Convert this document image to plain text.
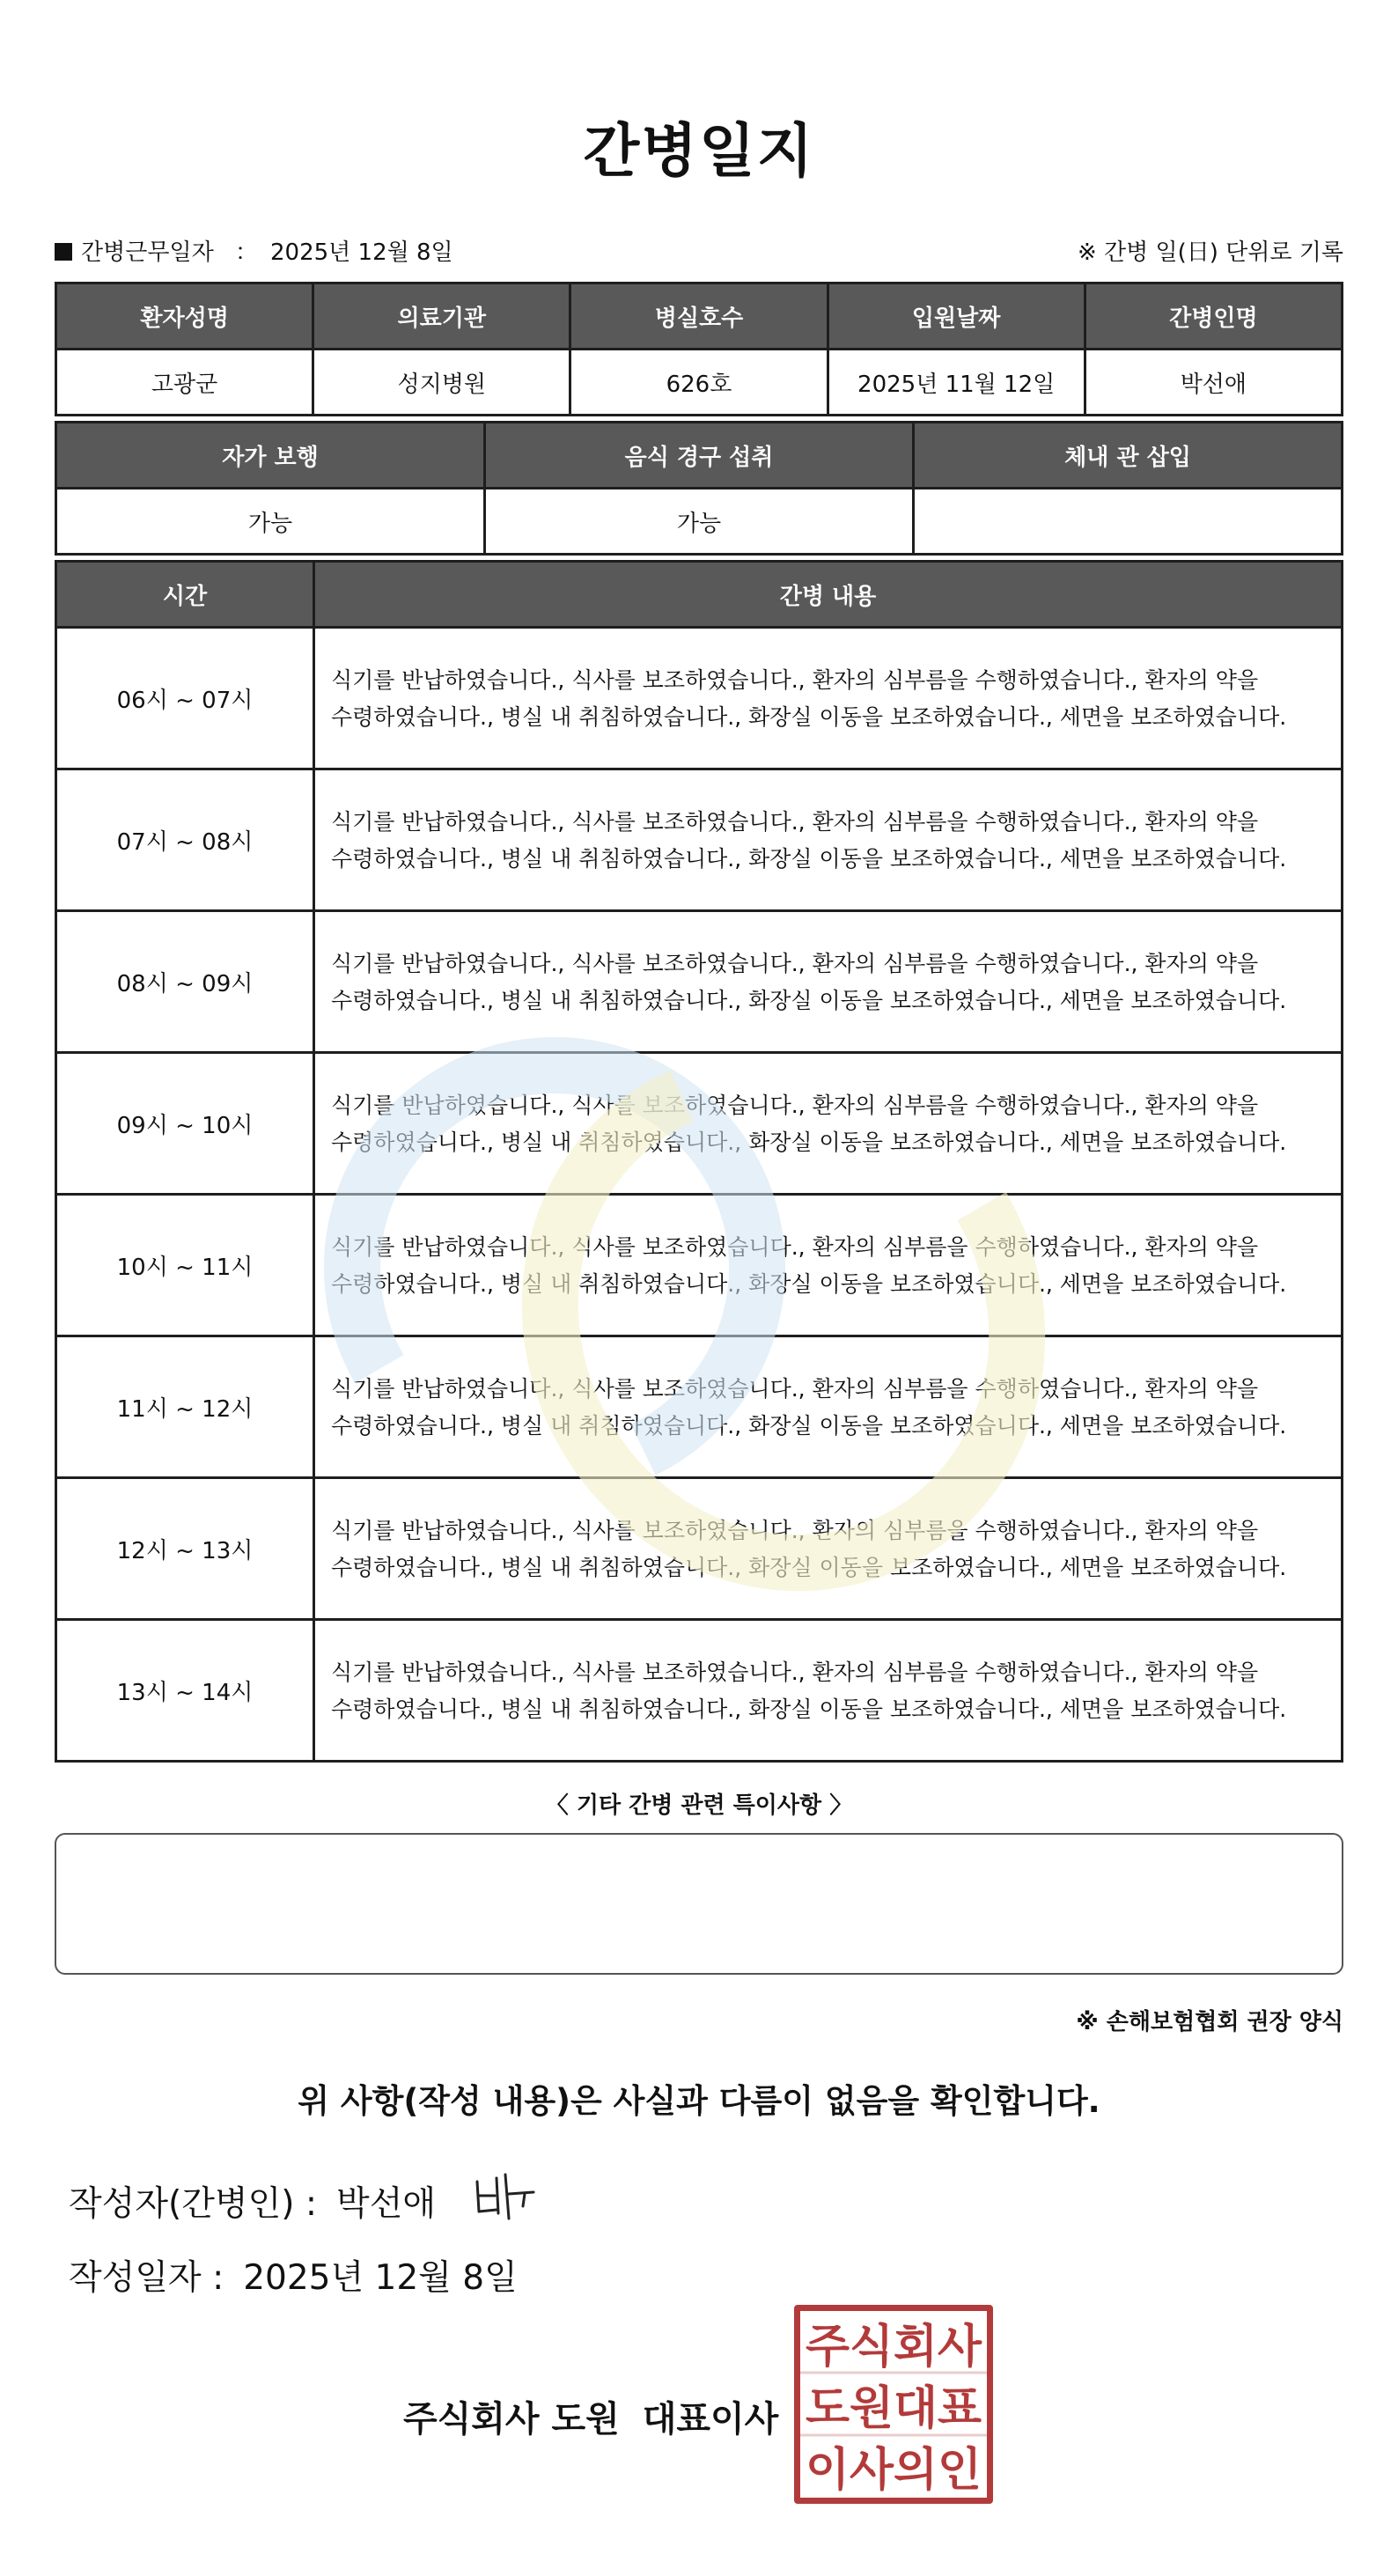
간병일지
간병근무일자 ： 2025년 12월 8일	※ 간병 일(日) 단위로 기록
환자성명	의료기관	병실호수	입원날짜	간병인명
고광군	성지병원	626호	2025년 11월 12일	박선애
자가 보행	음식 경구 섭취	체내 관 삽입
가능	가능	
시간	간병 내용
06시 ~ 07시	식기를 반납하였습니다., 식사를 보조하였습니다., 환자의 심부름을 수행하였습니다., 환자의 약을 수령하였습니다., 병실 내 취침하였습니다., 화장실 이동을 보조하였습니다., 세면을 보조하였습니다.
07시 ~ 08시	식기를 반납하였습니다., 식사를 보조하였습니다., 환자의 심부름을 수행하였습니다., 환자의 약을 수령하였습니다., 병실 내 취침하였습니다., 화장실 이동을 보조하였습니다., 세면을 보조하였습니다.
08시 ~ 09시	식기를 반납하였습니다., 식사를 보조하였습니다., 환자의 심부름을 수행하였습니다., 환자의 약을 수령하였습니다., 병실 내 취침하였습니다., 화장실 이동을 보조하였습니다., 세면을 보조하였습니다.
09시 ~ 10시	식기를 반납하였습니다., 식사를 보조하였습니다., 환자의 심부름을 수행하였습니다., 환자의 약을 수령하였습니다., 병실 내 취침하였습니다., 화장실 이동을 보조하였습니다., 세면을 보조하였습니다.
10시 ~ 11시	식기를 반납하였습니다., 식사를 보조하였습니다., 환자의 심부름을 수행하였습니다., 환자의 약을 수령하였습니다., 병실 내 취침하였습니다., 화장실 이동을 보조하였습니다., 세면을 보조하였습니다.
11시 ~ 12시	식기를 반납하였습니다., 식사를 보조하였습니다., 환자의 심부름을 수행하였습니다., 환자의 약을 수령하였습니다., 병실 내 취침하였습니다., 화장실 이동을 보조하였습니다., 세면을 보조하였습니다.
12시 ~ 13시	식기를 반납하였습니다., 식사를 보조하였습니다., 환자의 심부름을 수행하였습니다., 환자의 약을 수령하였습니다., 병실 내 취침하였습니다., 화장실 이동을 보조하였습니다., 세면을 보조하였습니다.
13시 ~ 14시	식기를 반납하였습니다., 식사를 보조하였습니다., 환자의 심부름을 수행하였습니다., 환자의 약을 수령하였습니다., 병실 내 취침하였습니다., 화장실 이동을 보조하였습니다., 세면을 보조하였습니다.
〈 기타 간병 관련 특이사항 〉
※ 손해보험협회 권장 양식
위 사항(작성 내용)은 사실과 다름이 없음을 확인합니다.
작성자(간병인) : 박선애
작성일자 : 2025년 12월 8일
주식회사 도원 대표이사
주식회사
도원대표
이사의인
